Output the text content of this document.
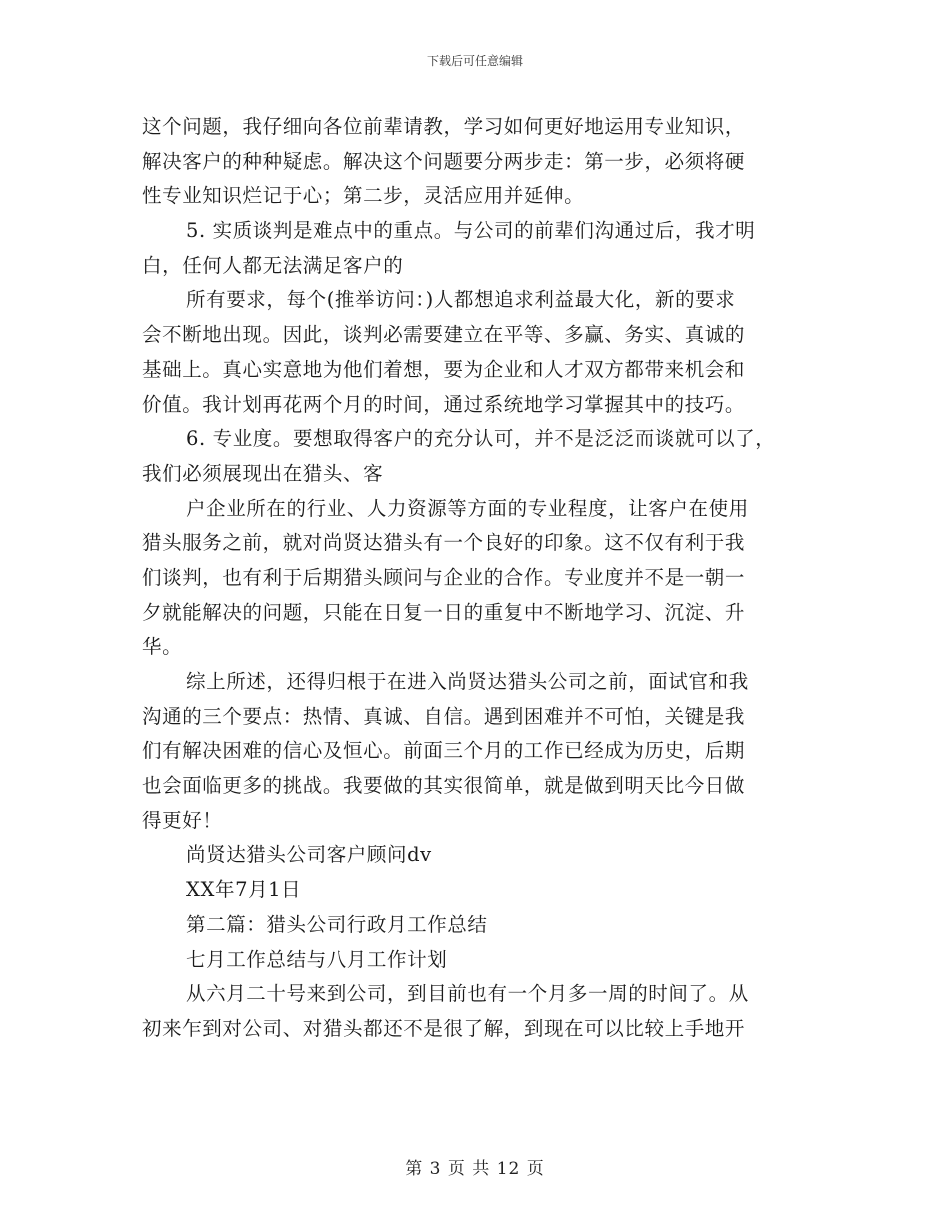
下载后可任意编辑
这个问题，我仔细向各位前辈请教，学习如何更好地运用专业知识，
解决客户的种种疑虑。解决这个问题要分两步走：第一步，必须将硬
性专业知识烂记于心；第二步，灵活应用并延伸。
5. 实质谈判是难点中的重点。与公司的前辈们沟通过后，我才明
白，任何人都无法满足客户的
所有要求，每个(推举访问：)人都想追求利益最大化，新的要求
会不断地出现。因此，谈判必需要建立在平等、多赢、务实、真诚的
基础上。真心实意地为他们着想，要为企业和人才双方都带来机会和
价值。我计划再花两个月的时间，通过系统地学习掌握其中的技巧。
6. 专业度。要想取得客户的充分认可，并不是泛泛而谈就可以了，
我们必须展现出在猎头、客
户企业所在的行业、人力资源等方面的专业程度，让客户在使用
猎头服务之前，就对尚贤达猎头有一个良好的印象。这不仅有利于我
们谈判，也有利于后期猎头顾问与企业的合作。专业度并不是一朝一
夕就能解决的问题，只能在日复一日的重复中不断地学习、沉淀、升
华。
综上所述，还得归根于在进入尚贤达猎头公司之前，面试官和我
沟通的三个要点：热情、真诚、自信。遇到困难并不可怕，关键是我
们有解决困难的信心及恒心。前面三个月的工作已经成为历史，后期
也会面临更多的挑战。我要做的其实很简单，就是做到明天比今日做
得更好！
尚贤达猎头公司客户顾问dv
XX年7月1日
第二篇：猎头公司行政月工作总结
七月工作总结与八月工作计划
从六月二十号来到公司，到目前也有一个月多一周的时间了。从
初来乍到对公司、对猎头都还不是很了解，到现在可以比较上手地开
第 3 页 共 12 页
